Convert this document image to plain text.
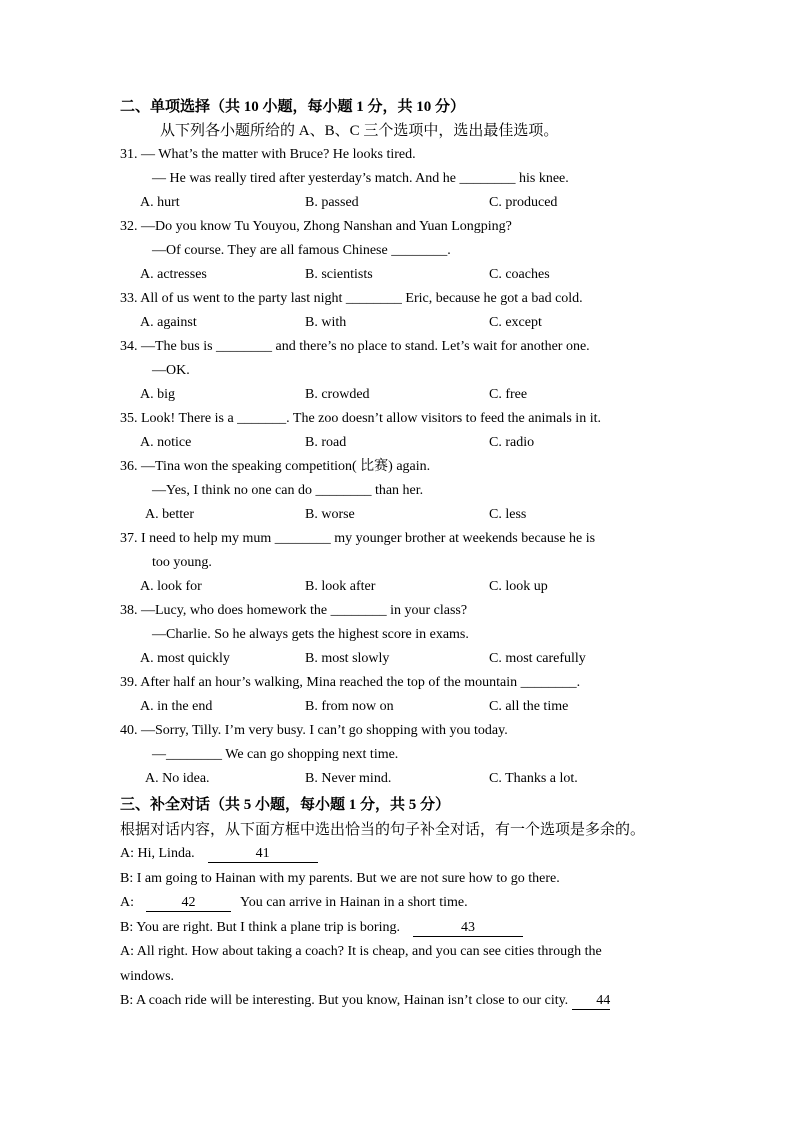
二、单项选择（共 10 小题，每小题 1 分，共 10 分）
从下列各小题所给的 A、B、C 三个选项中，选出最佳选项。
31. — What’s the matter with Bruce? He looks tired.
— He was really tired after yesterday’s match. And he ________ his knee.
A. hurt	B. passed	C. produced
32. —Do you know Tu Youyou, Zhong Nanshan and Yuan Longping?
—Of course. They are all famous Chinese ________.
A. actresses	B. scientists	C. coaches
33. All of us went to the party last night ________ Eric, because he got a bad cold.
A. against	B. with	C. except
34. —The bus is ________ and there’s no place to stand. Let’s wait for another one.
—OK.
A. big	B. crowded	C. free
35. Look! There is a _______. The zoo doesn’t allow visitors to feed the animals in it.
A. notice	B. road	C. radio
36. —Tina won the speaking competition( 比赛) again.
—Yes, I think no one can do ________ than her.
A. better	B. worse	C. less
37. I need to help my mum ________ my younger brother at weekends because he is
too young.
A. look for	B. look after	C. look up
38. —Lucy, who does homework the ________ in your class?
—Charlie. So he always gets the highest score in exams.
A. most quickly	B. most slowly	C. most carefully
39. After half an hour’s walking, Mina reached the top of the mountain ________.
A. in the end	B. from now on	C. all the time
40. —Sorry, Tilly. I’m very busy. I can’t go shopping with you today.
—________ We can go shopping next time.
A. No idea.	B. Never mind.	C. Thanks a lot.
三、补全对话（共 5 小题，每小题 1 分，共 5 分）
根据对话内容，从下面方框中选出恰当的句子补全对话，有一个选项是多余的。
A: Hi, Linda.	41
B: I am going to Hainan with my parents. But we are not sure how to go there.
A:	42	You can arrive in Hainan in a short time.
B: You are right. But I think a plane trip is boring.	43
A: All right. How about taking a coach? It is cheap, and you can see cities through the
windows.
B: A coach ride will be interesting. But you know, Hainan isn’t close to our city. 44
